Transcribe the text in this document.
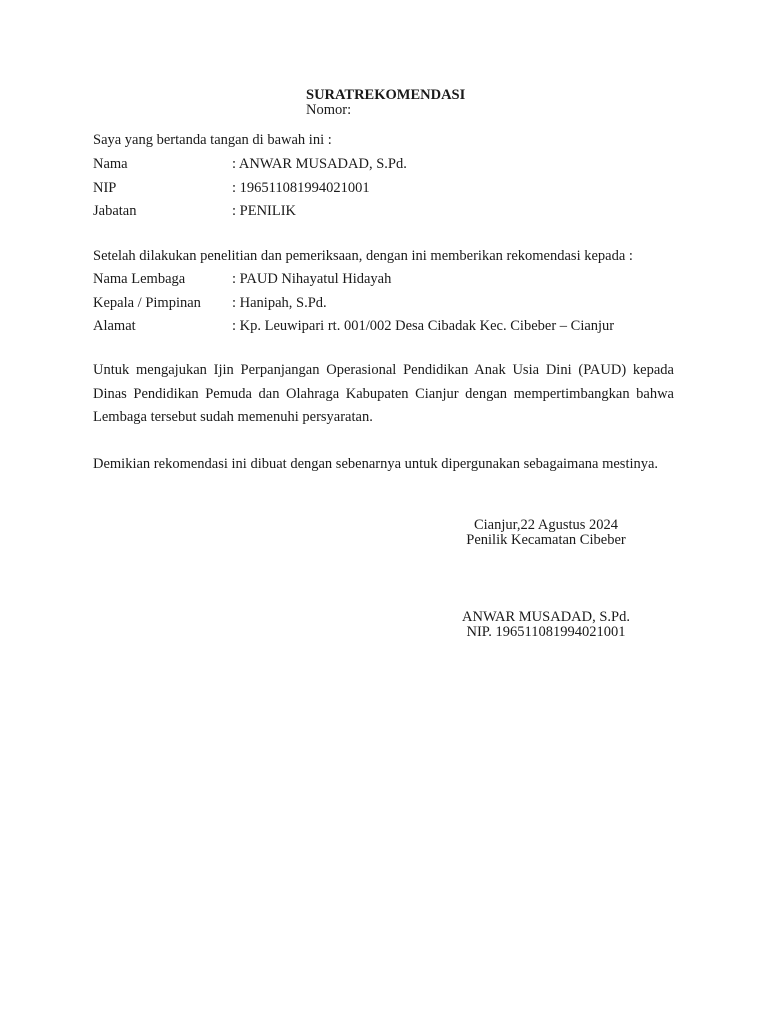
SURATREKOMENDASI
Nomor:
Saya yang bertanda tangan di bawah ini :
Nama	: ANWAR MUSADAD, S.Pd.
NIP	: 196511081994021001
Jabatan	: PENILIK
Setelah dilakukan penelitian dan pemeriksaan, dengan ini memberikan rekomendasi kepada :
Nama Lembaga	: PAUD Nihayatul Hidayah
Kepala / Pimpinan : Hanipah, S.Pd.
Alamat	: Kp. Leuwipari rt. 001/002 Desa Cibadak Kec. Cibeber – Cianjur
Untuk mengajukan Ijin Perpanjangan Operasional Pendidikan Anak Usia Dini (PAUD) kepada Dinas Pendidikan Pemuda dan Olahraga Kabupaten Cianjur dengan mempertimbangkan bahwa Lembaga tersebut sudah memenuhi persyaratan.
Demikian rekomendasi ini dibuat dengan sebenarnya untuk dipergunakan sebagaimana mestinya.
Cianjur,22 Agustus 2024
Penilik Kecamatan Cibeber
ANWAR MUSADAD, S.Pd.
NIP. 196511081994021001
